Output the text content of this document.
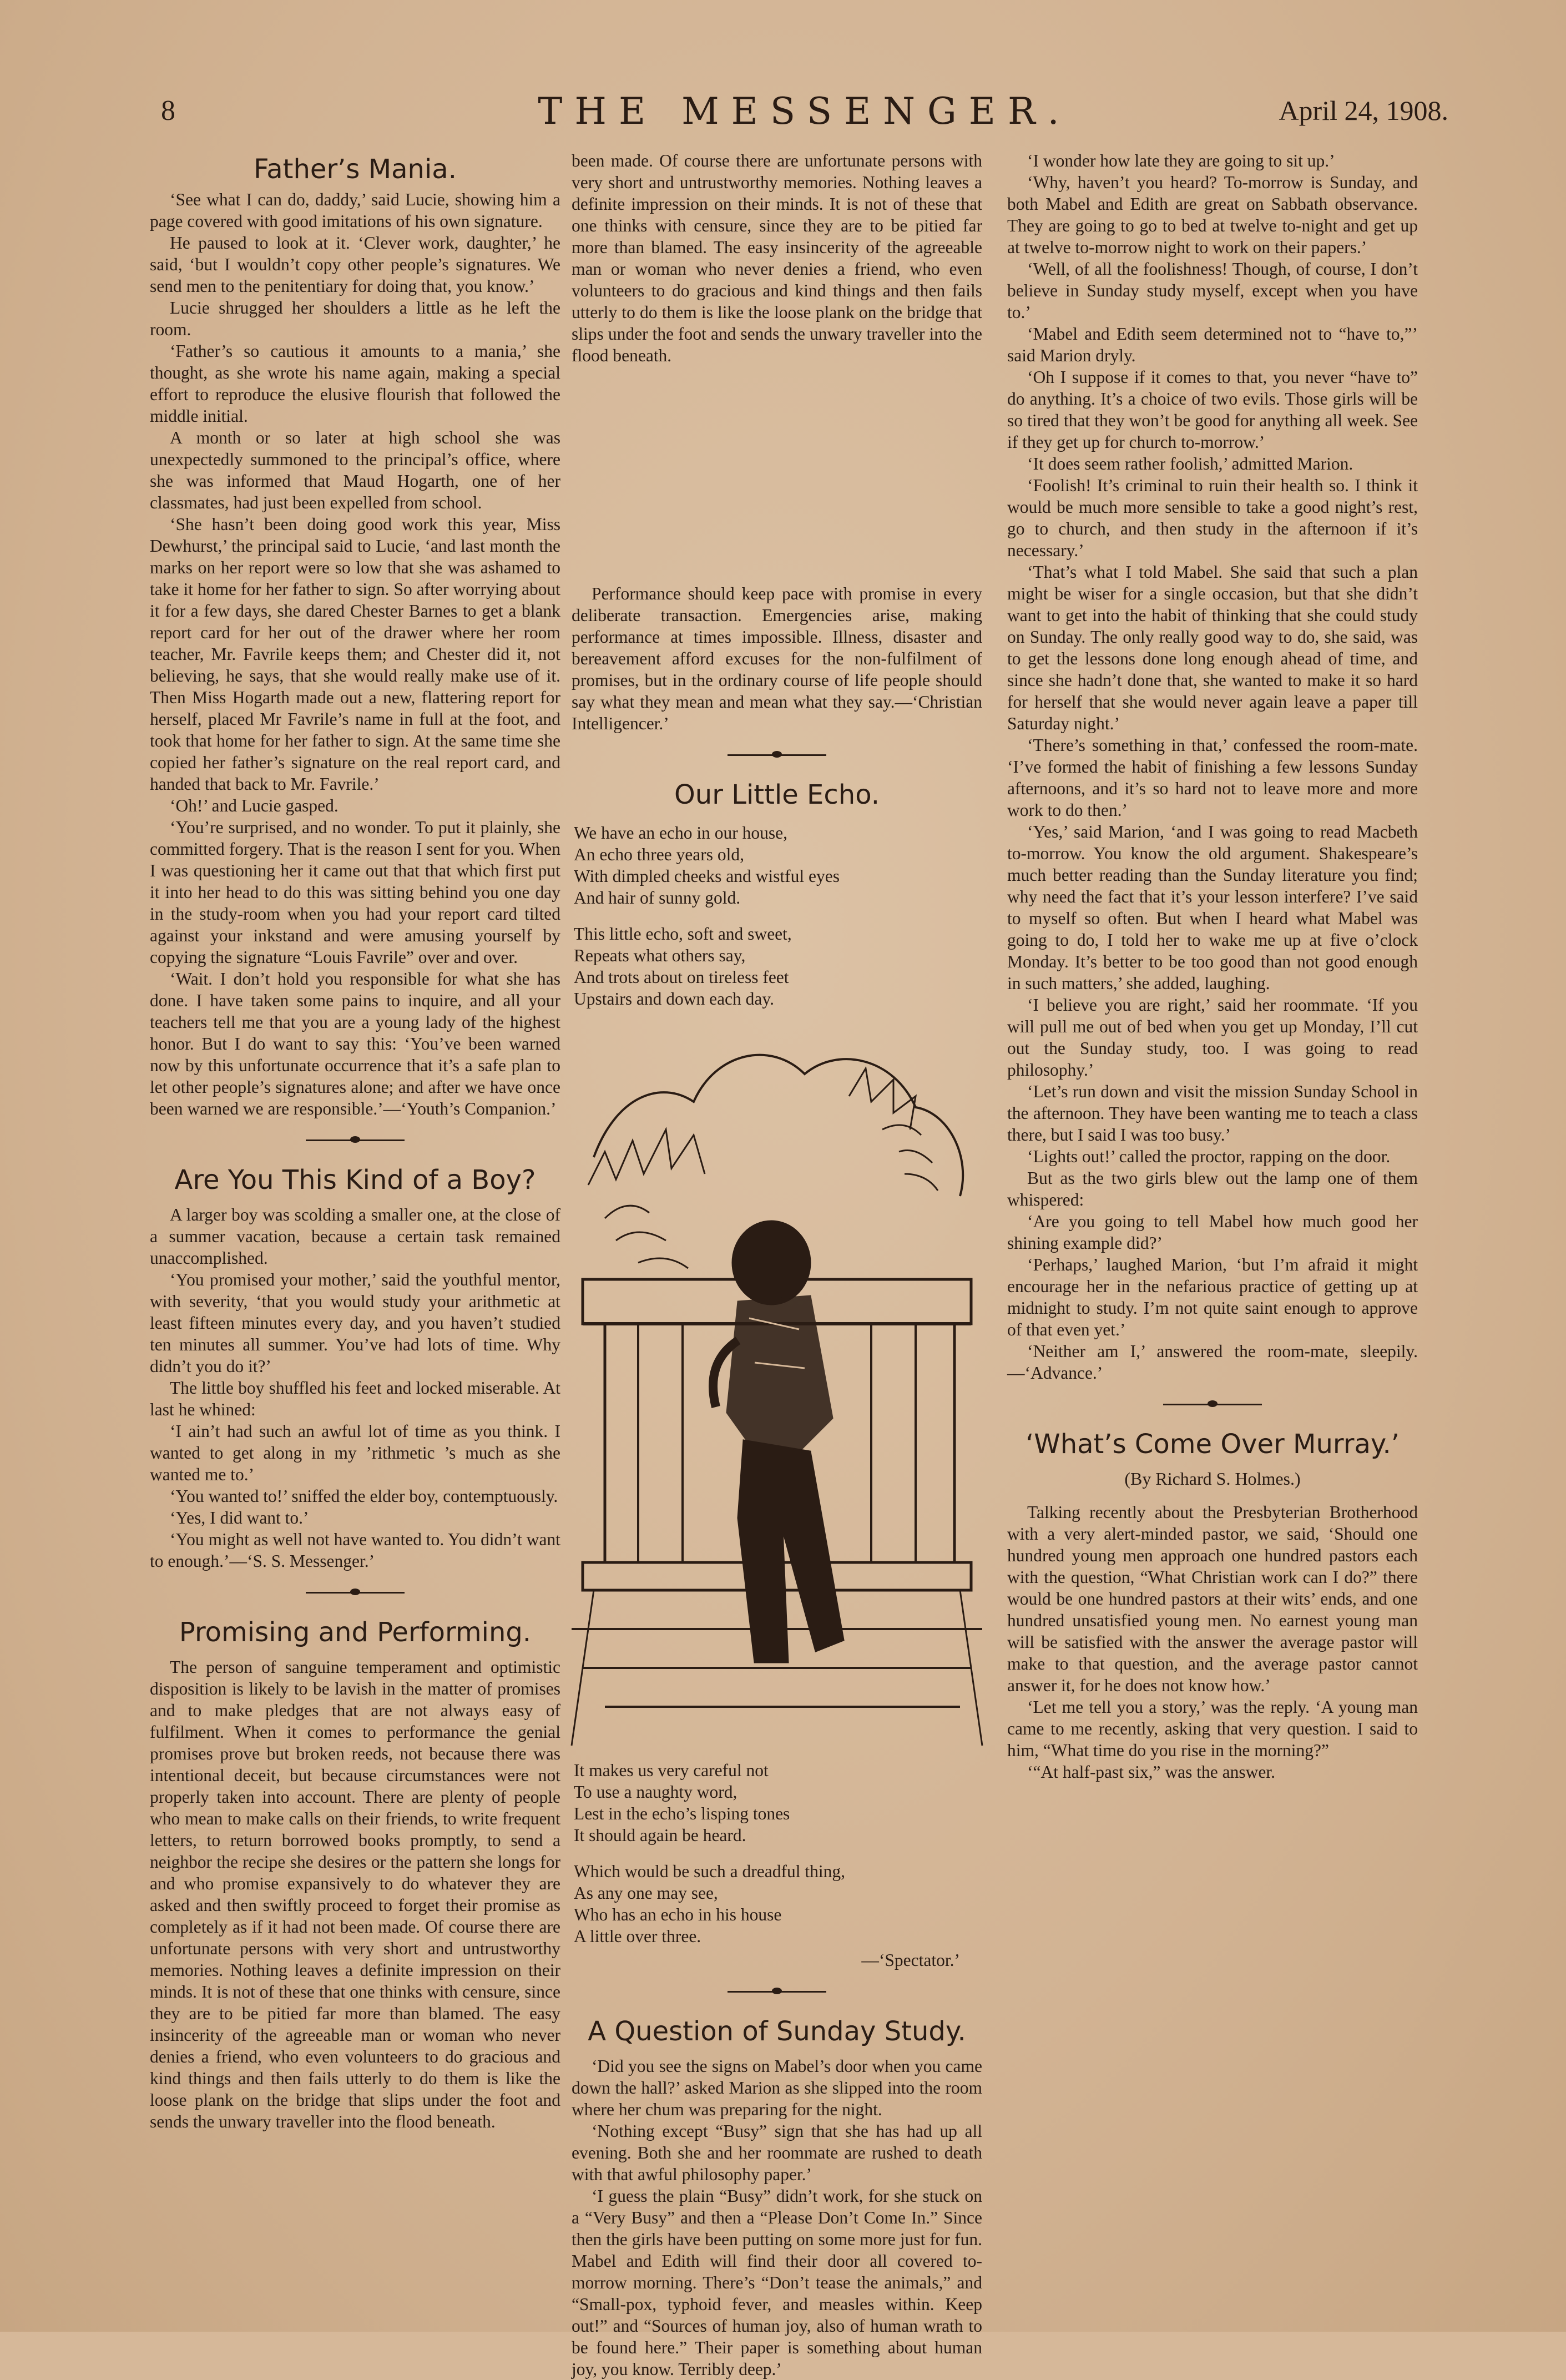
8	THE MESSENGER.	April 24, 1908.
Father’s Mania.

‘See what I can do, daddy,’ said Lucie, showing him a page covered with good imitations of his own signature.

He paused to look at it. ‘Clever work, daughter,’ he said, ‘but I wouldn’t copy other people’s signatures. We send men to the penitentiary for doing that, you know.’

Lucie shrugged her shoulders a little as he left the room.

‘Father’s so cautious it amounts to a mania,’ she thought, as she wrote his name again, making a special effort to reproduce the elusive flourish that followed the middle initial.

A month or so later at high school she was unexpectedly summoned to the principal’s office, where she was informed that Maud Hogarth, one of her classmates, had just been expelled from school.

‘She hasn’t been doing good work this year, Miss Dewhurst,’ the principal said to Lucie, ‘and last month the marks on her report were so low that she was ashamed to take it home for her father to sign. So after worrying about it for a few days, she dared Chester Barnes to get a blank report card for her out of the drawer where her room teacher, Mr. Favrile keeps them; and Chester did it, not believing, he says, that she would really make use of it. Then Miss Hogarth made out a new, flattering report for herself, placed Mr Favrile’s name in full at the foot, and took that home for her father to sign. At the same time she copied her father’s signature on the real report card, and handed that back to Mr. Favrile.’

‘Oh!’ and Lucie gasped.

‘You’re surprised, and no wonder. To put it plainly, she committed forgery. That is the reason I sent for you. When I was questioning her it came out that that which first put it into her head to do this was sitting behind you one day in the study-room when you had your report card tilted against your inkstand and were amusing yourself by copying the signature “Louis Favrile” over and over.

‘Wait. I don’t hold you responsible for what she has done. I have taken some pains to inquire, and all your teachers tell me that you are a young lady of the highest honor. But I do want to say this: ‘You’ve been warned now by this unfortunate occurrence that it’s a safe plan to let other people’s signatures alone; and after we have once been warned we are responsible.’—‘Youth’s Companion.’

Are You This Kind of a Boy?

A larger boy was scolding a smaller one, at the close of a summer vacation, because a certain task remained unaccomplished.

‘You promised your mother,’ said the youthful mentor, with severity, ‘that you would study your arithmetic at least fifteen minutes every day, and you haven’t studied ten minutes all summer. You’ve had lots of time. Why didn’t you do it?’

The little boy shuffled his feet and locked miserable. At last he whined:

‘I ain’t had such an awful lot of time as you think. I wanted to get along in my ’rithmetic ’s much as she wanted me to.’

‘You wanted to!’ sniffed the elder boy, contemptuously.

‘Yes, I did want to.’

‘You might as well not have wanted to. You didn’t want to enough.’—‘S. S. Messenger.’

Promising and Performing.

The person of sanguine temperament and optimistic disposition is likely to be lavish in the matter of promises and to make pledges that are not always easy of fulfilment. When it comes to performance the genial promises prove but broken reeds, not because there was intentional deceit, but because circumstances were not properly taken into account. There are plenty of people who mean to make calls on their friends, to write frequent letters, to return borrowed books promptly, to send a neighbor the recipe she desires or the pattern she longs for and who promise expansively to do whatever they are asked and then swiftly proceed to forget their promise as completely as if it had not been made. Of course there are unfortunate persons with very short and untrustworthy memories. Nothing leaves a definite impression on their minds. It is not of these that one thinks with censure, since they are to be pitied far more than blamed. The easy insincerity of the agreeable man or woman who never denies a friend, who even volunteers to do gracious and kind things and then fails utterly to do them is like the loose plank on the bridge that slips under the foot and sends the unwary traveller into the flood beneath.

been made. Of course there are unfortunate persons with very short and untrustworthy memories. Nothing leaves a definite impression on their minds. It is not of these that one thinks with censure, since they are to be pitied far more than blamed. The easy insincerity of the agreeable man or woman who never denies a friend, who even volunteers to do gracious and kind things and then fails utterly to do them is like the loose plank on the bridge that slips under the foot and sends the unwary traveller into the flood beneath.

Performance should keep pace with promise in every deliberate transaction. Emergencies arise, making performance at times impossible. Illness, disaster and bereavement afford excuses for the non-fulfilment of promises, but in the ordinary course of life people should say what they mean and mean what they say.—‘Christian Intelligencer.’

Our Little Echo.
We have an echo in our house,
An echo three years old,
With dimpled cheeks and wistful eyes
And hair of sunny gold.
This little echo, soft and sweet,
Repeats what others say,
And trots about on tireless feet
Upstairs and down each day.
It makes us very careful not
To use a naughty word,
Lest in the echo’s lisping tones
It should again be heard.
Which would be such a dreadful thing,
As any one may see,
Who has an echo in his house
A little over three.
—‘Spectator.’
A Question of Sunday Study.

‘Did you see the signs on Mabel’s door when you came down the hall?’ asked Marion as she slipped into the room where her chum was preparing for the night.

‘Nothing except “Busy” sign that she has had up all evening. Both she and her roommate are rushed to death with that awful philosophy paper.’

‘I guess the plain “Busy” didn’t work, for she stuck on a “Very Busy” and then a “Please Don’t Come In.” Since then the girls have been putting on some more just for fun. Mabel and Edith will find their door all covered to-morrow morning. There’s “Don’t tease the animals,” and “Small-pox, typhoid fever, and measles within. Keep out!” and “Sources of human joy, also of human wrath to be found here.” Their paper is something about human joy, you know. Terribly deep.’

‘I wonder how late they are going to sit up.’

‘Why, haven’t you heard? To-morrow is Sunday, and both Mabel and Edith are great on Sabbath observance. They are going to go to bed at twelve to-night and get up at twelve to-morrow night to work on their papers.’

‘Well, of all the foolishness! Though, of course, I don’t believe in Sunday study myself, except when you have to.’

‘Mabel and Edith seem determined not to “have to,”’ said Marion dryly.

‘Oh I suppose if it comes to that, you never “have to” do anything. It’s a choice of two evils. Those girls will be so tired that they won’t be good for anything all week. See if they get up for church to-morrow.’

‘It does seem rather foolish,’ admitted Marion.

‘Foolish! It’s criminal to ruin their health so. I think it would be much more sensible to take a good night’s rest, go to church, and then study in the afternoon if it’s necessary.’

‘That’s what I told Mabel. She said that such a plan might be wiser for a single occasion, but that she didn’t want to get into the habit of thinking that she could study on Sunday. The only really good way to do, she said, was to get the lessons done long enough ahead of time, and since she hadn’t done that, she wanted to make it so hard for herself that she would never again leave a paper till Saturday night.’

‘There’s something in that,’ confessed the room-mate. ‘I’ve formed the habit of finishing a few lessons Sunday afternoons, and it’s so hard not to leave more and more work to do then.’

‘Yes,’ said Marion, ‘and I was going to read Macbeth to-morrow. You know the old argument. Shakespeare’s much better reading than the Sunday literature you find; why need the fact that it’s your lesson interfere? I’ve said to myself so often. But when I heard what Mabel was going to do, I told her to wake me up at five o’clock Monday. It’s better to be too good than not good enough in such matters,’ she added, laughing.

‘I believe you are right,’ said her roommate. ‘If you will pull me out of bed when you get up Monday, I’ll cut out the Sunday study, too. I was going to read philosophy.’

‘Let’s run down and visit the mission Sunday School in the afternoon. They have been wanting me to teach a class there, but I said I was too busy.’

‘Lights out!’ called the proctor, rapping on the door.

But as the two girls blew out the lamp one of them whispered:

‘Are you going to tell Mabel how much good her shining example did?’

‘Perhaps,’ laughed Marion, ‘but I’m afraid it might encourage her in the nefarious practice of getting up at midnight to study. I’m not quite saint enough to approve of that even yet.’

‘Neither am I,’ answered the room-mate, sleepily.—‘Advance.’

‘What’s Come Over Murray.’
(By Richard S. Holmes.)

Talking recently about the Presbyterian Brotherhood with a very alert-minded pastor, we said, ‘Should one hundred young men approach one hundred pastors each with the question, “What Christian work can I do?” there would be one hundred pastors at their wits’ ends, and one hundred unsatisfied young men. No earnest young man will be satisfied with the answer the average pastor will make to that question, and the average pastor cannot answer it, for he does not know how.’

‘Let me tell you a story,’ was the reply. ‘A young man came to me recently, asking that very question. I said to him, “What time do you rise in the morning?”

‘“At half-past six,” was the answer.
